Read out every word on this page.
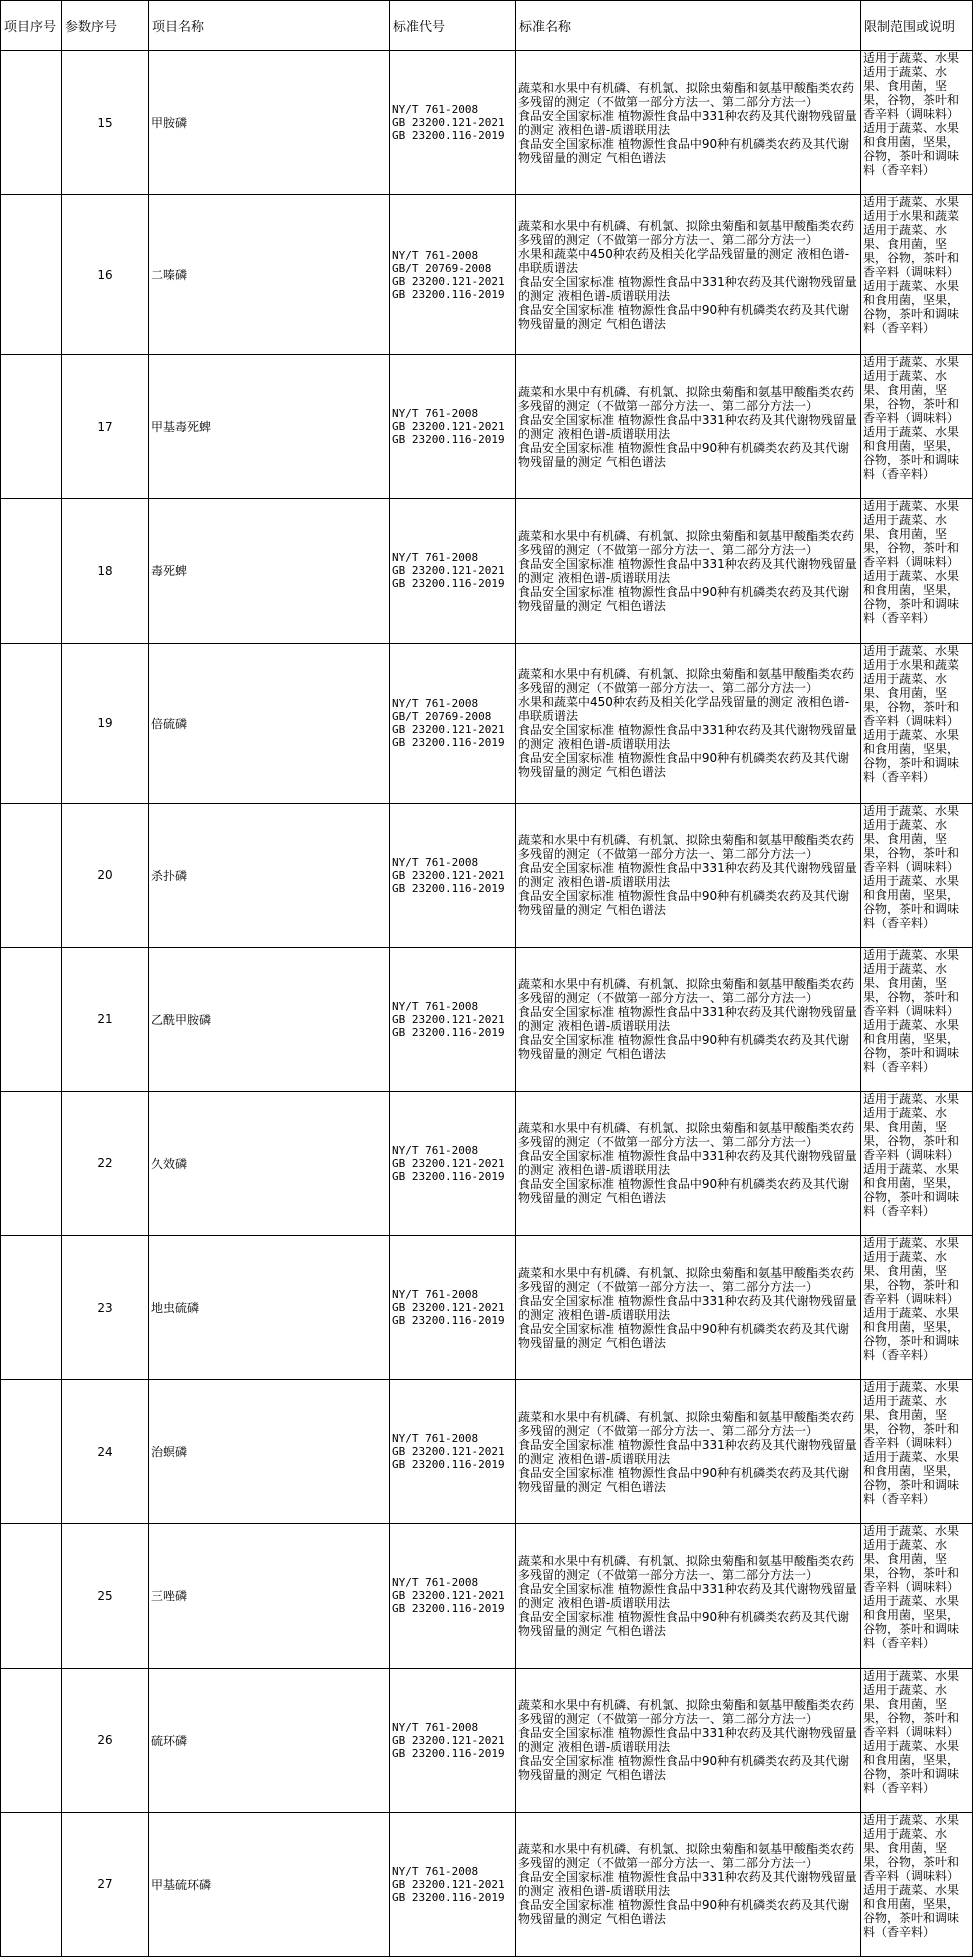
项目序号	参数序号	项目名称	标准代号	标准名称	限制范围或说明
	15	甲胺磷	NY/T 761-2008
GB 23200.121-2021
GB 23200.116-2019	蔬菜和水果中有机磷、有机氯、拟除虫菊酯和氨基甲酸酯类农药多残留的测定（不做第一部分方法一、第二部分方法一）
食品安全国家标准 植物源性食品中331种农药及其代谢物残留量的测定 液相色谱-质谱联用法
食品安全国家标准 植物源性食品中90种有机磷类农药及其代谢物残留量的测定 气相色谱法	适用于蔬菜、水果
适用于蔬菜、水果、食用菌，坚果，谷物，茶叶和香辛料（调味料）
适用于蔬菜、水果和食用菌，坚果，谷物，茶叶和调味料（香辛料）

	16	二嗪磷	NY/T 761-2008
GB/T 20769-2008
GB 23200.121-2021
GB 23200.116-2019	蔬菜和水果中有机磷、有机氯、拟除虫菊酯和氨基甲酸酯类农药多残留的测定（不做第一部分方法一、第二部分方法一）
水果和蔬菜中450种农药及相关化学品残留量的测定 液相色谱-串联质谱法
食品安全国家标准 植物源性食品中331种农药及其代谢物残留量的测定 液相色谱-质谱联用法
食品安全国家标准 植物源性食品中90种有机磷类农药及其代谢物残留量的测定 气相色谱法	适用于蔬菜、水果
适用于水果和蔬菜
适用于蔬菜、水果、食用菌，坚果，谷物，茶叶和香辛料（调味料）
适用于蔬菜、水果和食用菌，坚果，谷物，茶叶和调味料（香辛料）

	17	甲基毒死蜱	NY/T 761-2008
GB 23200.121-2021
GB 23200.116-2019	蔬菜和水果中有机磷、有机氯、拟除虫菊酯和氨基甲酸酯类农药多残留的测定（不做第一部分方法一、第二部分方法一）
食品安全国家标准 植物源性食品中331种农药及其代谢物残留量的测定 液相色谱-质谱联用法
食品安全国家标准 植物源性食品中90种有机磷类农药及其代谢物残留量的测定 气相色谱法	适用于蔬菜、水果
适用于蔬菜、水果、食用菌，坚果，谷物，茶叶和香辛料（调味料）
适用于蔬菜、水果和食用菌，坚果，谷物，茶叶和调味料（香辛料）

	18	毒死蜱	NY/T 761-2008
GB 23200.121-2021
GB 23200.116-2019	蔬菜和水果中有机磷、有机氯、拟除虫菊酯和氨基甲酸酯类农药多残留的测定（不做第一部分方法一、第二部分方法一）
食品安全国家标准 植物源性食品中331种农药及其代谢物残留量的测定 液相色谱-质谱联用法
食品安全国家标准 植物源性食品中90种有机磷类农药及其代谢物残留量的测定 气相色谱法	适用于蔬菜、水果
适用于蔬菜、水果、食用菌，坚果，谷物，茶叶和香辛料（调味料）
适用于蔬菜、水果和食用菌，坚果，谷物，茶叶和调味料（香辛料）

	19	倍硫磷	NY/T 761-2008
GB/T 20769-2008
GB 23200.121-2021
GB 23200.116-2019	蔬菜和水果中有机磷、有机氯、拟除虫菊酯和氨基甲酸酯类农药多残留的测定（不做第一部分方法一、第二部分方法一）
水果和蔬菜中450种农药及相关化学品残留量的测定 液相色谱-串联质谱法
食品安全国家标准 植物源性食品中331种农药及其代谢物残留量的测定 液相色谱-质谱联用法
食品安全国家标准 植物源性食品中90种有机磷类农药及其代谢物残留量的测定 气相色谱法	适用于蔬菜、水果
适用于水果和蔬菜
适用于蔬菜、水果、食用菌，坚果，谷物，茶叶和香辛料（调味料）
适用于蔬菜、水果和食用菌，坚果，谷物，茶叶和调味料（香辛料）

	20	杀扑磷	NY/T 761-2008
GB 23200.121-2021
GB 23200.116-2019	蔬菜和水果中有机磷、有机氯、拟除虫菊酯和氨基甲酸酯类农药多残留的测定（不做第一部分方法一、第二部分方法一）
食品安全国家标准 植物源性食品中331种农药及其代谢物残留量的测定 液相色谱-质谱联用法
食品安全国家标准 植物源性食品中90种有机磷类农药及其代谢物残留量的测定 气相色谱法	适用于蔬菜、水果
适用于蔬菜、水果、食用菌，坚果，谷物，茶叶和香辛料（调味料）
适用于蔬菜、水果和食用菌，坚果，谷物，茶叶和调味料（香辛料）

	21	乙酰甲胺磷	NY/T 761-2008
GB 23200.121-2021
GB 23200.116-2019	蔬菜和水果中有机磷、有机氯、拟除虫菊酯和氨基甲酸酯类农药多残留的测定（不做第一部分方法一、第二部分方法一）
食品安全国家标准 植物源性食品中331种农药及其代谢物残留量的测定 液相色谱-质谱联用法
食品安全国家标准 植物源性食品中90种有机磷类农药及其代谢物残留量的测定 气相色谱法	适用于蔬菜、水果
适用于蔬菜、水果、食用菌，坚果，谷物，茶叶和香辛料（调味料）
适用于蔬菜、水果和食用菌，坚果，谷物，茶叶和调味料（香辛料）

	22	久效磷	NY/T 761-2008
GB 23200.121-2021
GB 23200.116-2019	蔬菜和水果中有机磷、有机氯、拟除虫菊酯和氨基甲酸酯类农药多残留的测定（不做第一部分方法一、第二部分方法一）
食品安全国家标准 植物源性食品中331种农药及其代谢物残留量的测定 液相色谱-质谱联用法
食品安全国家标准 植物源性食品中90种有机磷类农药及其代谢物残留量的测定 气相色谱法	适用于蔬菜、水果
适用于蔬菜、水果、食用菌，坚果，谷物，茶叶和香辛料（调味料）
适用于蔬菜、水果和食用菌，坚果，谷物，茶叶和调味料（香辛料）

	23	地虫硫磷	NY/T 761-2008
GB 23200.121-2021
GB 23200.116-2019	蔬菜和水果中有机磷、有机氯、拟除虫菊酯和氨基甲酸酯类农药多残留的测定（不做第一部分方法一、第二部分方法一）
食品安全国家标准 植物源性食品中331种农药及其代谢物残留量的测定 液相色谱-质谱联用法
食品安全国家标准 植物源性食品中90种有机磷类农药及其代谢物残留量的测定 气相色谱法	适用于蔬菜、水果
适用于蔬菜、水果、食用菌，坚果，谷物，茶叶和香辛料（调味料）
适用于蔬菜、水果和食用菌，坚果，谷物，茶叶和调味料（香辛料）

	24	治螟磷	NY/T 761-2008
GB 23200.121-2021
GB 23200.116-2019	蔬菜和水果中有机磷、有机氯、拟除虫菊酯和氨基甲酸酯类农药多残留的测定（不做第一部分方法一、第二部分方法一）
食品安全国家标准 植物源性食品中331种农药及其代谢物残留量的测定 液相色谱-质谱联用法
食品安全国家标准 植物源性食品中90种有机磷类农药及其代谢物残留量的测定 气相色谱法	适用于蔬菜、水果
适用于蔬菜、水果、食用菌，坚果，谷物，茶叶和香辛料（调味料）
适用于蔬菜、水果和食用菌，坚果，谷物，茶叶和调味料（香辛料）

	25	三唑磷	NY/T 761-2008
GB 23200.121-2021
GB 23200.116-2019	蔬菜和水果中有机磷、有机氯、拟除虫菊酯和氨基甲酸酯类农药多残留的测定（不做第一部分方法一、第二部分方法一）
食品安全国家标准 植物源性食品中331种农药及其代谢物残留量的测定 液相色谱-质谱联用法
食品安全国家标准 植物源性食品中90种有机磷类农药及其代谢物残留量的测定 气相色谱法	适用于蔬菜、水果
适用于蔬菜、水果、食用菌，坚果，谷物，茶叶和香辛料（调味料）
适用于蔬菜、水果和食用菌，坚果，谷物，茶叶和调味料（香辛料）

	26	硫环磷	NY/T 761-2008
GB 23200.121-2021
GB 23200.116-2019	蔬菜和水果中有机磷、有机氯、拟除虫菊酯和氨基甲酸酯类农药多残留的测定（不做第一部分方法一、第二部分方法一）
食品安全国家标准 植物源性食品中331种农药及其代谢物残留量的测定 液相色谱-质谱联用法
食品安全国家标准 植物源性食品中90种有机磷类农药及其代谢物残留量的测定 气相色谱法	适用于蔬菜、水果
适用于蔬菜、水果、食用菌，坚果，谷物，茶叶和香辛料（调味料）
适用于蔬菜、水果和食用菌，坚果，谷物，茶叶和调味料（香辛料）

	27	甲基硫环磷	NY/T 761-2008
GB 23200.121-2021
GB 23200.116-2019	蔬菜和水果中有机磷、有机氯、拟除虫菊酯和氨基甲酸酯类农药多残留的测定（不做第一部分方法一、第二部分方法一）
食品安全国家标准 植物源性食品中331种农药及其代谢物残留量的测定 液相色谱-质谱联用法
食品安全国家标准 植物源性食品中90种有机磷类农药及其代谢物残留量的测定 气相色谱法	适用于蔬菜、水果
适用于蔬菜、水果、食用菌，坚果，谷物，茶叶和香辛料（调味料）
适用于蔬菜、水果和食用菌，坚果，谷物，茶叶和调味料（香辛料）
